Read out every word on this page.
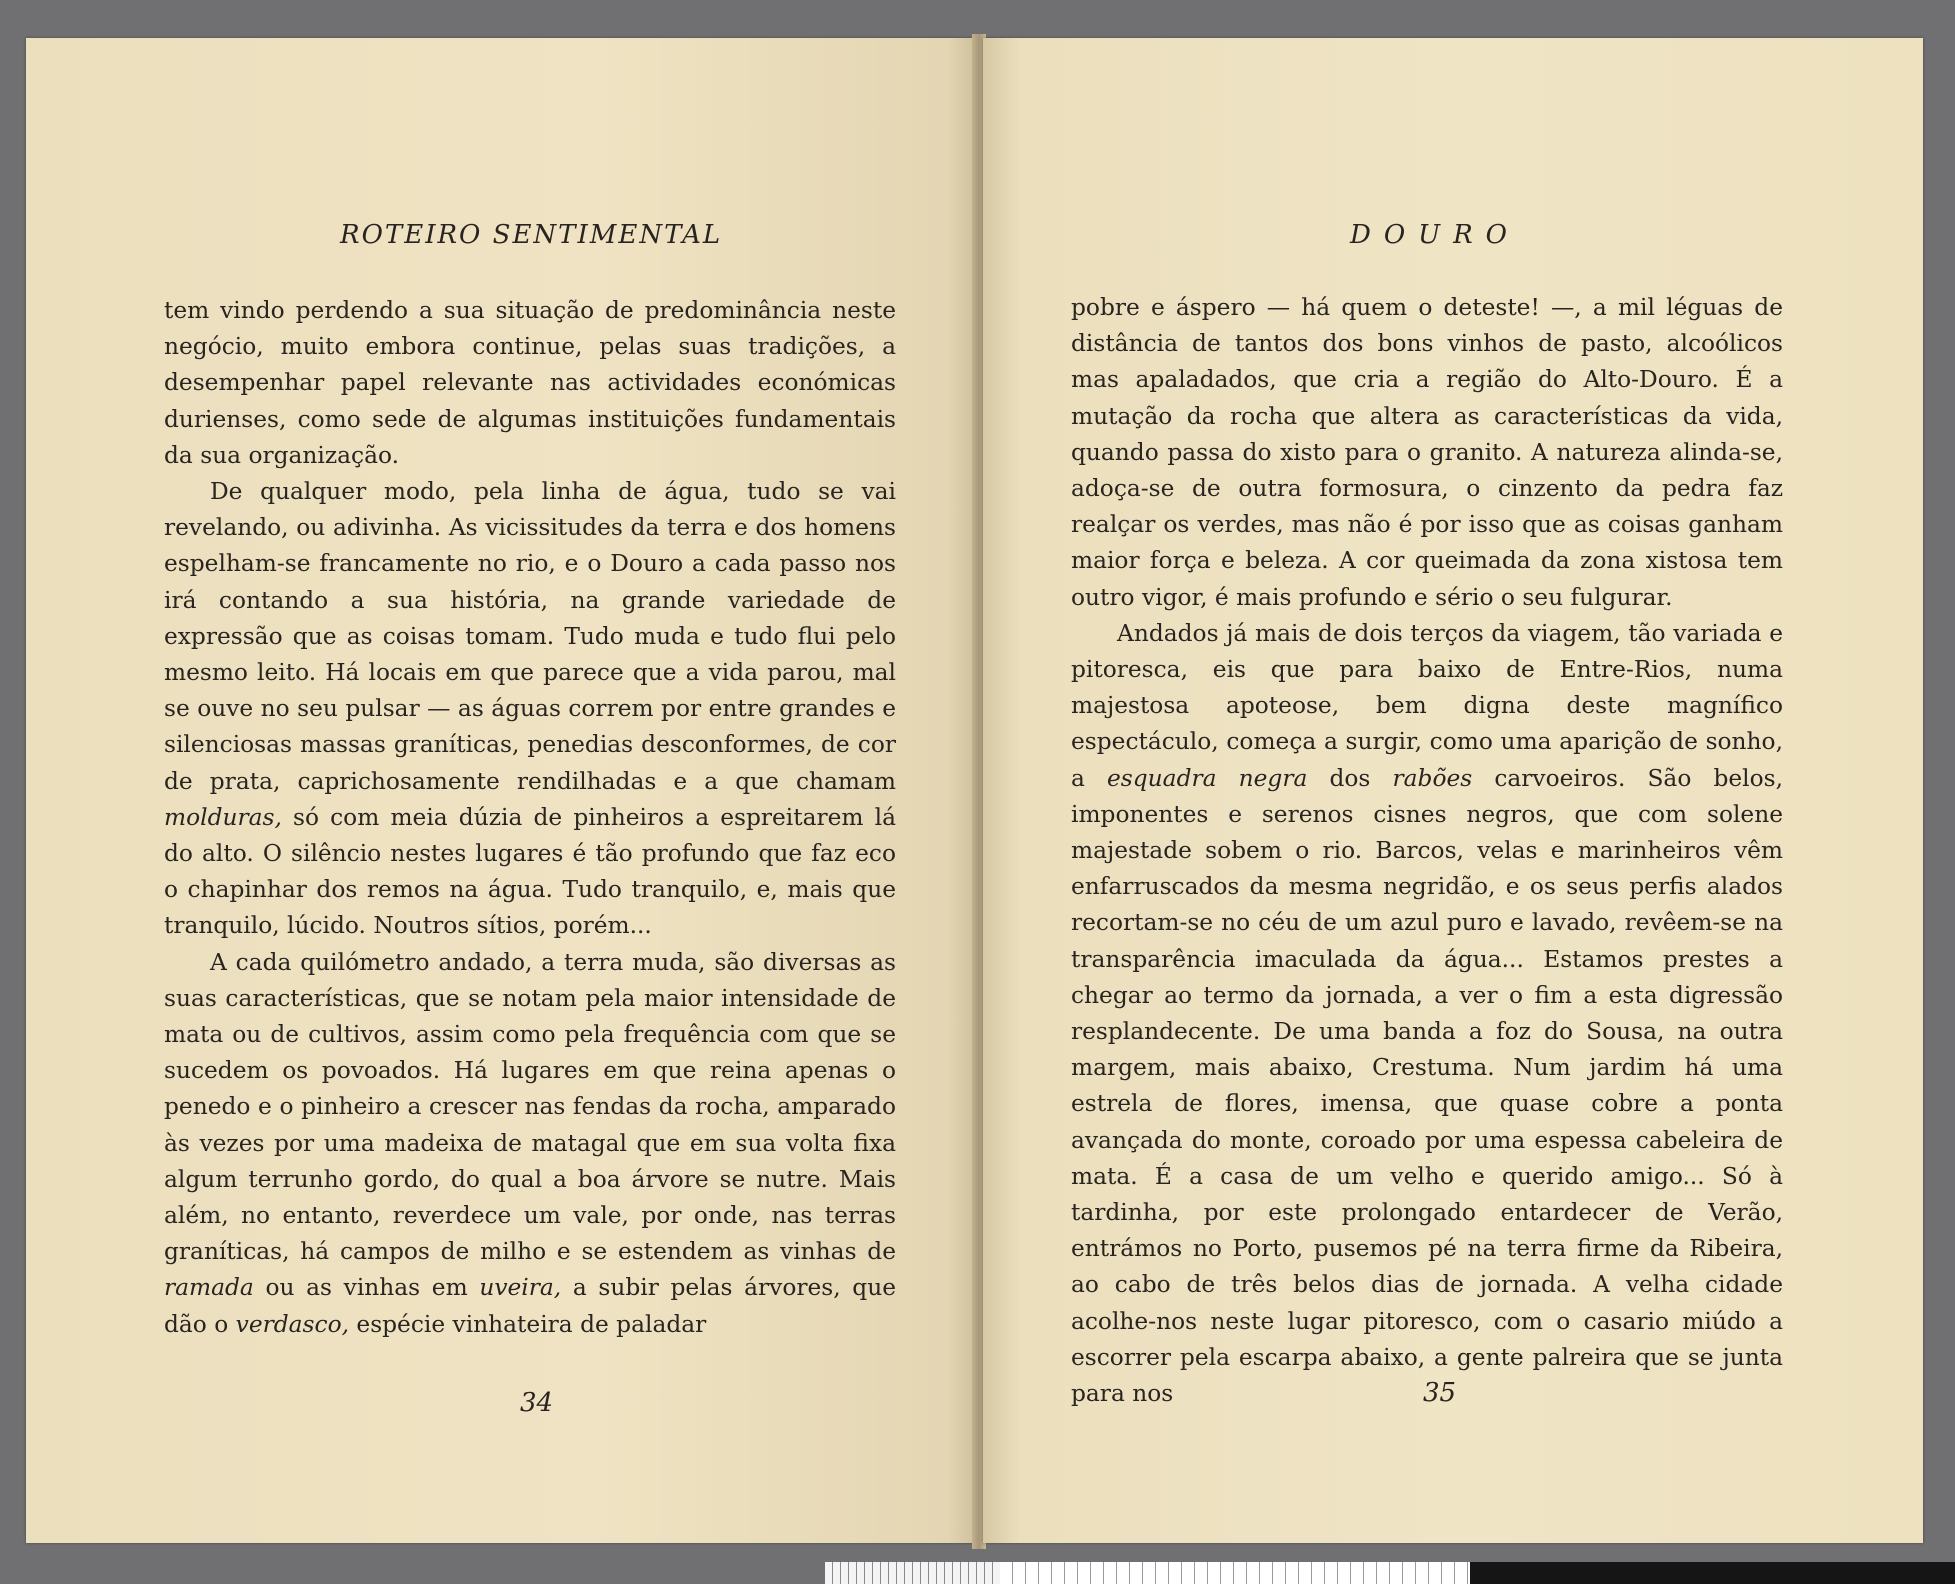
ROTEIRO SENTIMENTAL

tem vindo perdendo a sua situação de predominância neste negócio, muito embora continue, pelas suas tradições, a desempenhar papel relevante nas actividades económicas durienses, como sede de algumas instituições fundamentais da sua organização.

De qualquer modo, pela linha de água, tudo se vai revelando, ou adivinha. As vicissitudes da terra e dos homens espelham-se francamente no rio, e o Douro a cada passo nos irá contando a sua história, na grande variedade de expressão que as coisas tomam. Tudo muda e tudo flui pelo mesmo leito. Há locais em que parece que a vida parou, mal se ouve no seu pulsar — as águas correm por entre grandes e silenciosas massas graníticas, penedias desconformes, de cor de prata, caprichosamente rendilhadas e a que chamam molduras, só com meia dúzia de pinheiros a espreitarem lá do alto. O silêncio nestes lugares é tão profundo que faz eco o chapinhar dos remos na água. Tudo tranquilo, e, mais que tranquilo, lúcido. Noutros sítios, porém...

A cada quilómetro andado, a terra muda, são diversas as suas características, que se notam pela maior intensidade de mata ou de cultivos, assim como pela frequência com que se sucedem os povoados. Há lugares em que reina apenas o penedo e o pinheiro a crescer nas fendas da rocha, amparado às vezes por uma madeixa de matagal que em sua volta fixa algum terrunho gordo, do qual a boa árvore se nutre. Mais além, no entanto, reverdece um vale, por onde, nas terras graníticas, há campos de milho e se estendem as vinhas de ramada ou as vinhas em uveira, a subir pelas árvores, que dão o verdasco, espécie vinhateira de paladar

34
DOURO

pobre e áspero — há quem o deteste! —, a mil léguas de distância de tantos dos bons vinhos de pasto, alcoólicos mas apaladados, que cria a região do Alto-Douro. É a mutação da rocha que altera as características da vida, quando passa do xisto para o granito. A natureza alinda-se, adoça-se de outra formosura, o cinzento da pedra faz realçar os verdes, mas não é por isso que as coisas ganham maior força e beleza. A cor queimada da zona xistosa tem outro vigor, é mais profundo e sério o seu fulgurar.

Andados já mais de dois terços da viagem, tão variada e pitoresca, eis que para baixo de Entre-Rios, numa majestosa apoteose, bem digna deste magnífico espectáculo, começa a surgir, como uma aparição de sonho, a esquadra negra dos rabões carvoeiros. São belos, imponentes e serenos cisnes negros, que com solene majestade sobem o rio. Barcos, velas e marinheiros vêm enfarruscados da mesma negridão, e os seus perfis alados recortam-se no céu de um azul puro e lavado, revêem-se na transparência imaculada da água... Estamos prestes a chegar ao termo da jornada, a ver o fim a esta digressão resplandecente. De uma banda a foz do Sousa, na outra margem, mais abaixo, Crestuma. Num jardim há uma estrela de flores, imensa, que quase cobre a ponta avançada do monte, coroado por uma espessa cabeleira de mata. É a casa de um velho e querido amigo... Só à tardinha, por este prolongado entardecer de Verão, entrámos no Porto, pusemos pé na terra firme da Ribeira, ao cabo de três belos dias de jornada. A velha cidade acolhe-nos neste lugar pitoresco, com o casario miúdo a escorrer pela escarpa abaixo, a gente palreira que se junta para nos	35
